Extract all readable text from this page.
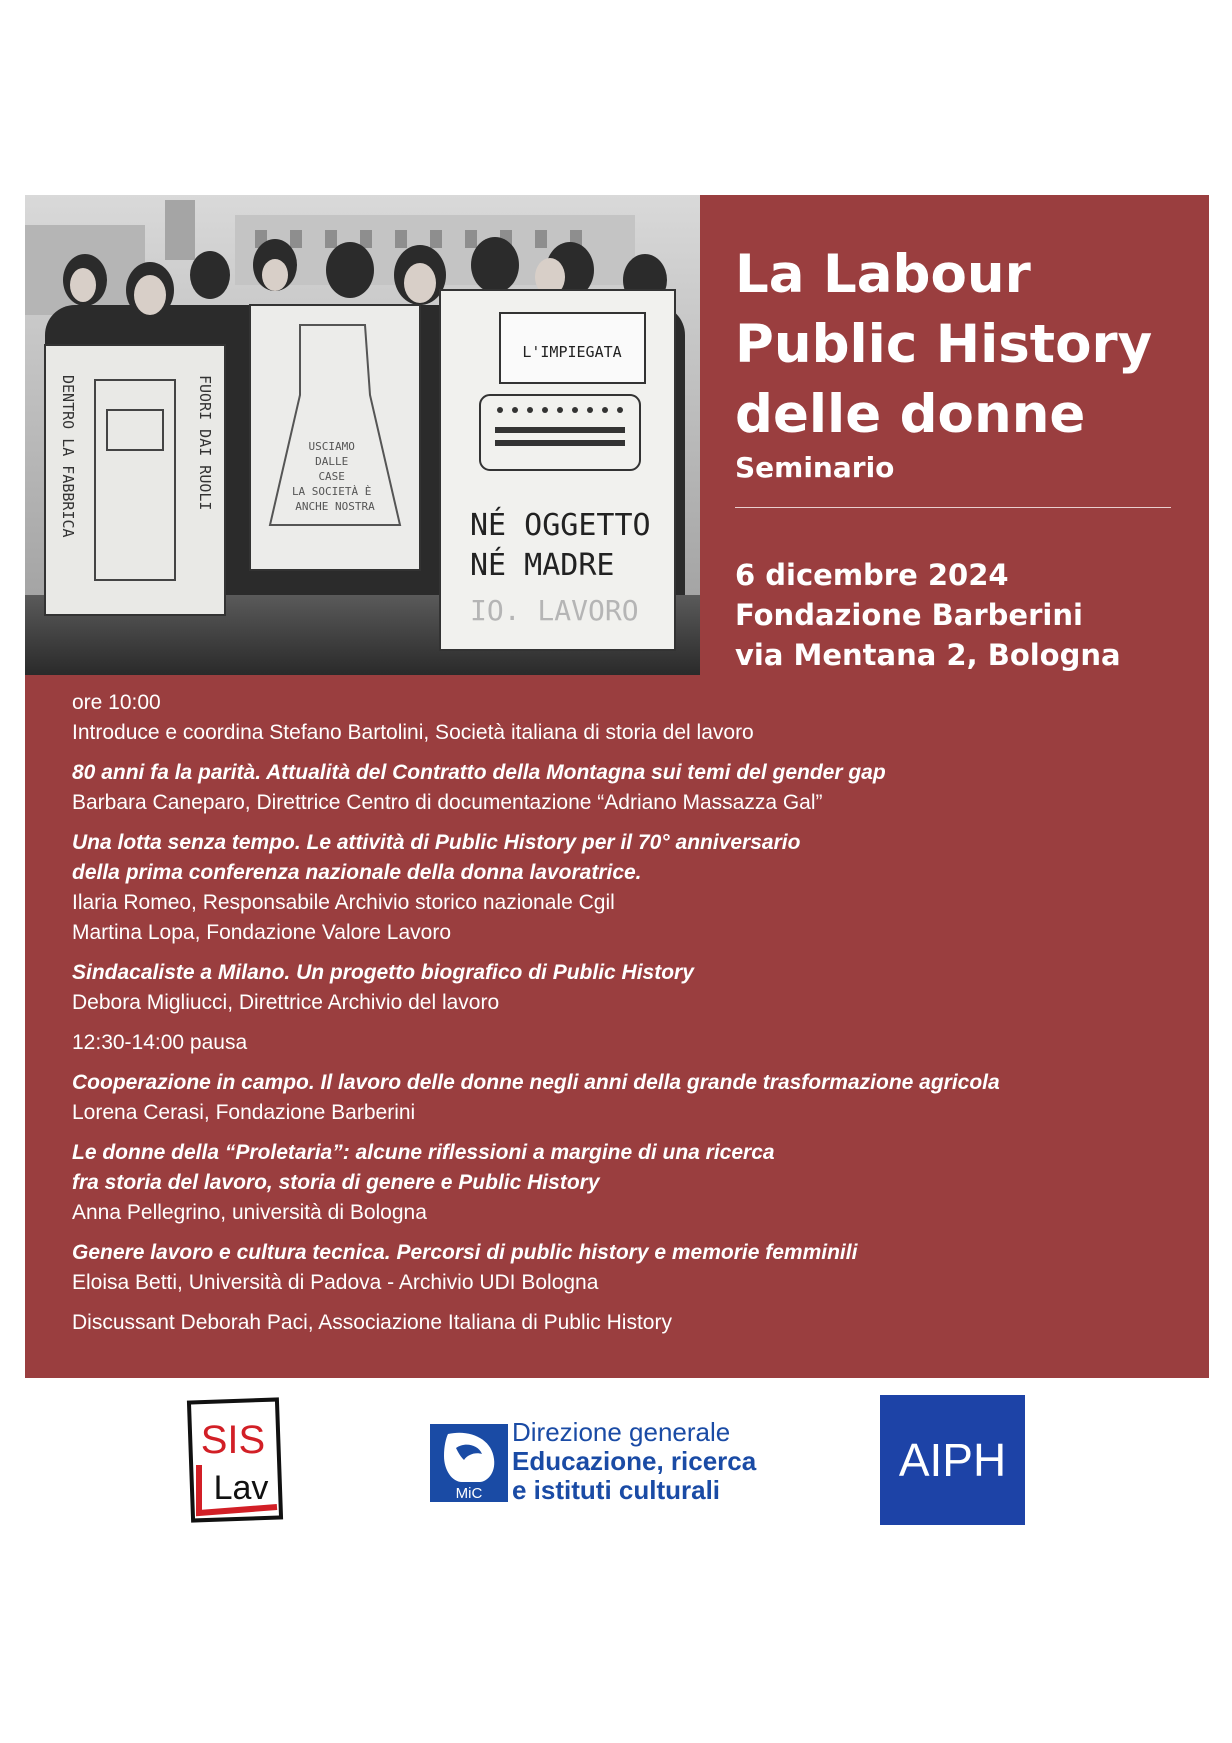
DENTRO LA FABBRICA	FUORI DAI RUOLI	USCIAMO DALLE CASE LA SOCIETÀ È ANCHE NOSTRA
L'IMPIEGATA
NÉ OGGETTO
NÉ MADRE
IO. LAVORO

La Labour

Public History

delle donne

Seminario

6 dicembre 2024
Fondazione Barberini
via Mentana 2, Bologna
ore 10:00
Introduce e coordina Stefano Bartolini, Società italiana di storia del lavoro
80 anni fa la parità. Attualità del Contratto della Montagna sui temi del gender gap
Barbara Caneparo, Direttrice Centro di documentazione “Adriano Massazza Gal”
Una lotta senza tempo. Le attività di Public History per il 70° anniversario
della prima conferenza nazionale della donna lavoratrice.
Ilaria Romeo, Responsabile Archivio storico nazionale Cgil
Martina Lopa, Fondazione Valore Lavoro
Sindacaliste a Milano. Un progetto biografico di Public History
Debora Migliucci, Direttrice Archivio del lavoro
12:30-14:00 pausa
Cooperazione in campo. Il lavoro delle donne negli anni della grande trasformazione agricola
Lorena Cerasi, Fondazione Barberini
Le donne della “Proletaria”: alcune riflessioni a margine di una ricerca
fra storia del lavoro, storia di genere e Public History
Anna Pellegrino, università di Bologna
Genere lavoro e cultura tecnica. Percorsi di public history e memorie femminili
Eloisa Betti, Università di Padova - Archivio UDI Bologna
Discussant Deborah Paci, Associazione Italiana di Public History
SIS
Lav	MiC
Direzione generale
Educazione, ricerca
e istituti culturali
AIPH
